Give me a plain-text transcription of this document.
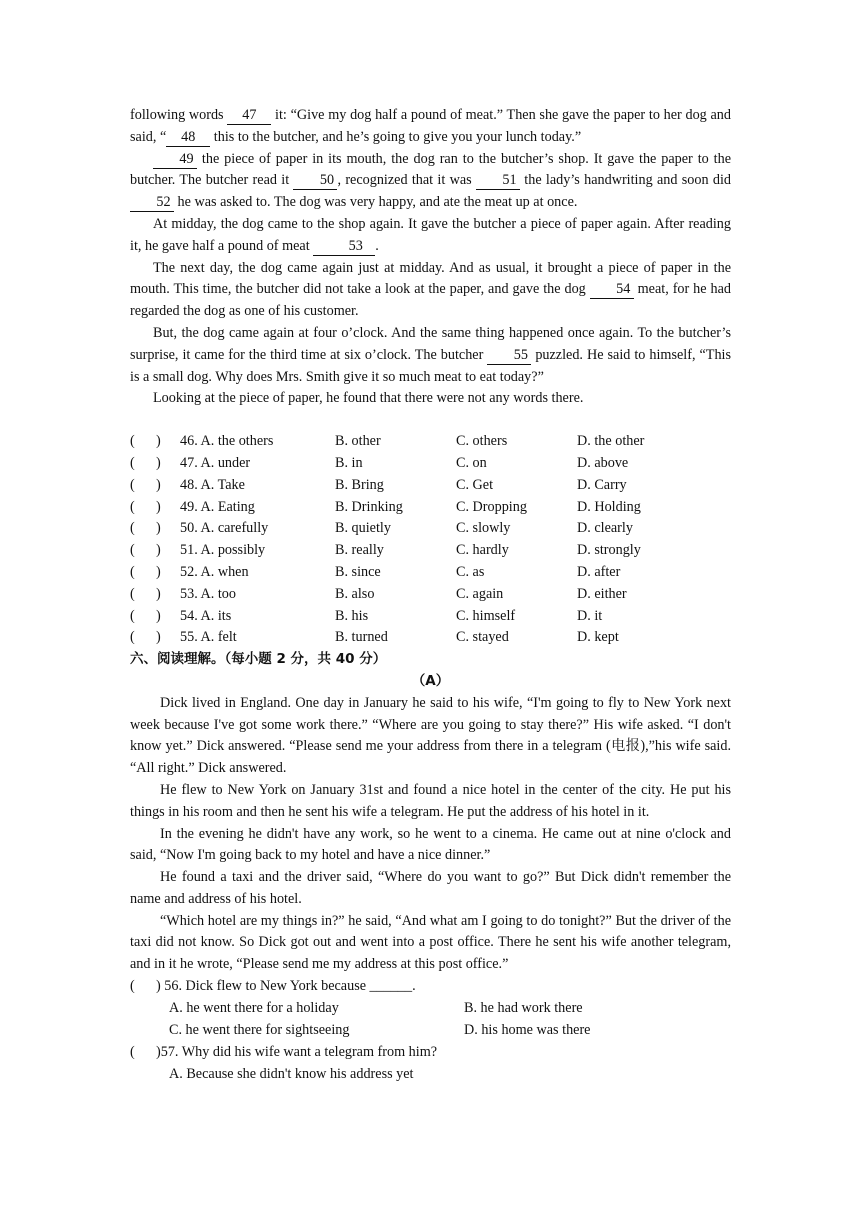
following words 47 it: “Give my dog half a pound of meat.” Then she gave the paper to her dog and said, “ 48 this to the butcher, and he’s going to give you your lunch today.”

49 the piece of paper in its mouth, the dog ran to the butcher’s shop. It gave the paper to the butcher. The butcher read it 50 , recognized that it was 51 the lady’s handwriting and soon did 52 he was asked to. The dog was very happy, and ate the meat up at once.

At midday, the dog came to the shop again. It gave the butcher a piece of paper again. After reading it, he gave half a pound of meat 53 .

The next day, the dog came again just at midday. And as usual, it brought a piece of paper in the mouth. This time, the butcher did not take a look at the paper, and gave the dog 54 meat, for he had regarded the dog as one of his customer.

But, the dog came again at four o’clock. And the same thing happened once again. To the butcher’s surprise, it came for the third time at six o’clock. The butcher 55 puzzled. He said to himself, “This is a small dog. Why does Mrs. Smith give it so much meat to eat today?”

Looking at the piece of paper, he found that there were not any words there.

(      )	46. A. the others	B. other	C. others	D. the other
(      )	47. A. under	B. in	C. on	D. above
(      )	48. A. Take	B. Bring	C. Get	D. Carry
(      )	49. A. Eating	B. Drinking	C. Dropping	D. Holding
(      )	50. A. carefully	B. quietly	C. slowly	D. clearly
(      )	51. A. possibly	B. really	C. hardly	D. strongly
(      )	52. A. when	B. since	C. as	D. after
(      )	53. A. too	B. also	C. again	D. either
(      )	54. A. its	B. his	C. himself	D. it
(      )	55. A. felt	B. turned	C. stayed	D. kept

六、阅读理解。（每小题 2 分，共 40 分）

（A）

Dick lived in England. One day in January he said to his wife, “I'm going to fly to New York next week because I've got some work there.” “Where are you going to stay there?” His wife asked. “I don't know yet.” Dick answered. “Please send me your address from there in a telegram (电报),”his wife said. “All right.” Dick answered.

He flew to New York on January 31st and found a nice hotel in the center of the city. He put his things in his room and then he sent his wife a telegram. He put the address of his hotel in it.

In the evening he didn't have any work, so he went to a cinema. He came out at nine o'clock and said, “Now I'm going back to my hotel and have a nice dinner.”

He found a taxi and the driver said, “Where do you want to go?” But Dick didn't remember the name and address of his hotel.

“Which hotel are my things in?” he said, “And what am I going to do tonight?” But the driver of the taxi did not know. So Dick got out and went into a post office. There he sent his wife another telegram, and in it he wrote, “Please send me my address at this post office.”

(      ) 56. Dick flew to New York because ______.

A. he went there for a holiday	B. he had work there
C. he went there for sightseeing	D. his home was there

(      )57. Why did his wife want a telegram from him?

A. Because she didn't know his address yet
